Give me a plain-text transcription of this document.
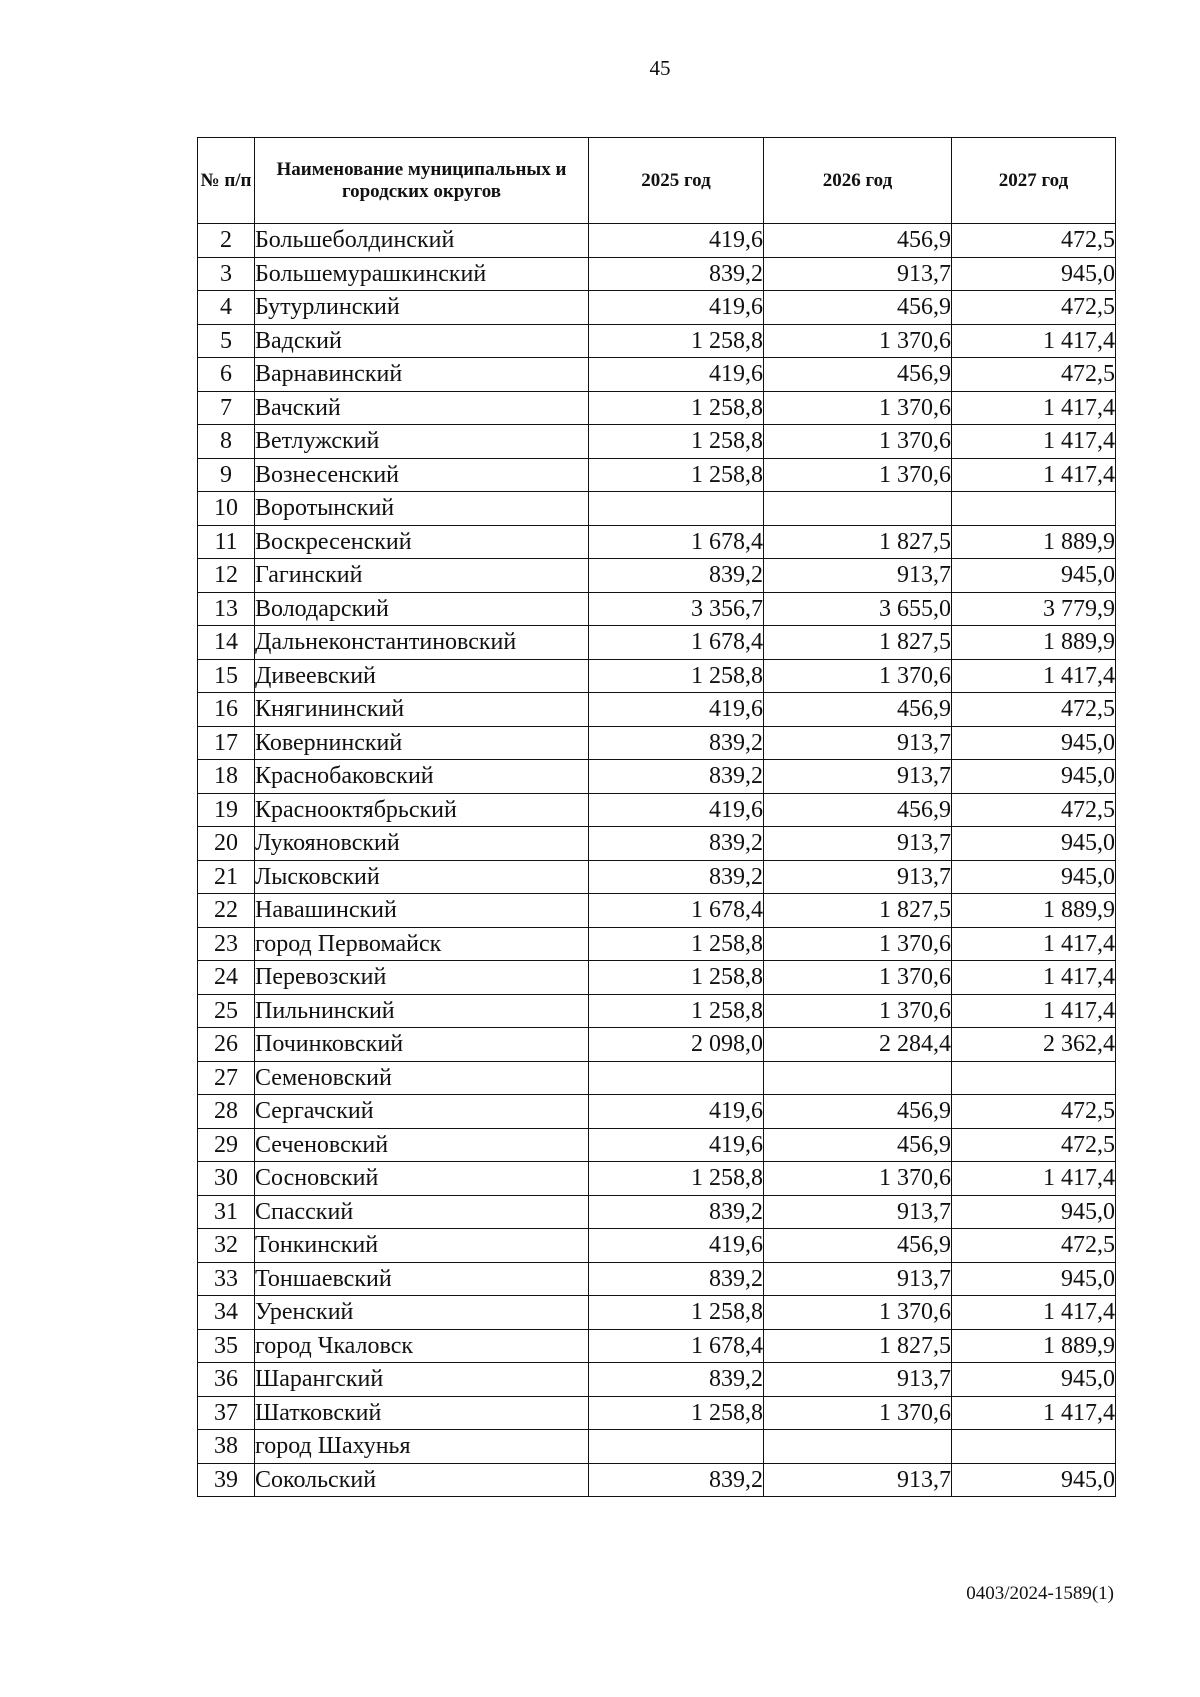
45
№ п/п	Наименование муниципальных и городских округов	2025 год	2026 год	2027 год
2	Большеболдинский	419,6	456,9	472,5
3	Большемурашкинский	839,2	913,7	945,0
4	Бутурлинский	419,6	456,9	472,5
5	Вадский	1 258,8	1 370,6	1 417,4
6	Варнавинский	419,6	456,9	472,5
7	Вачский	1 258,8	1 370,6	1 417,4
8	Ветлужский	1 258,8	1 370,6	1 417,4
9	Вознесенский	1 258,8	1 370,6	1 417,4
10	Воротынский			
11	Воскресенский	1 678,4	1 827,5	1 889,9
12	Гагинский	839,2	913,7	945,0
13	Володарский	3 356,7	3 655,0	3 779,9
14	Дальнеконстантиновский	1 678,4	1 827,5	1 889,9
15	Дивеевский	1 258,8	1 370,6	1 417,4
16	Княгининский	419,6	456,9	472,5
17	Ковернинский	839,2	913,7	945,0
18	Краснобаковский	839,2	913,7	945,0
19	Краснооктябрьский	419,6	456,9	472,5
20	Лукояновский	839,2	913,7	945,0
21	Лысковский	839,2	913,7	945,0
22	Навашинский	1 678,4	1 827,5	1 889,9
23	город Первомайск	1 258,8	1 370,6	1 417,4
24	Перевозский	1 258,8	1 370,6	1 417,4
25	Пильнинский	1 258,8	1 370,6	1 417,4
26	Починковский	2 098,0	2 284,4	2 362,4
27	Семеновский			
28	Сергачский	419,6	456,9	472,5
29	Сеченовский	419,6	456,9	472,5
30	Сосновский	1 258,8	1 370,6	1 417,4
31	Спасский	839,2	913,7	945,0
32	Тонкинский	419,6	456,9	472,5
33	Тоншаевский	839,2	913,7	945,0
34	Уренский	1 258,8	1 370,6	1 417,4
35	город Чкаловск	1 678,4	1 827,5	1 889,9
36	Шарангский	839,2	913,7	945,0
37	Шатковский	1 258,8	1 370,6	1 417,4
38	город Шахунья			
39	Сокольский	839,2	913,7	945,0
0403/2024-1589(1)
